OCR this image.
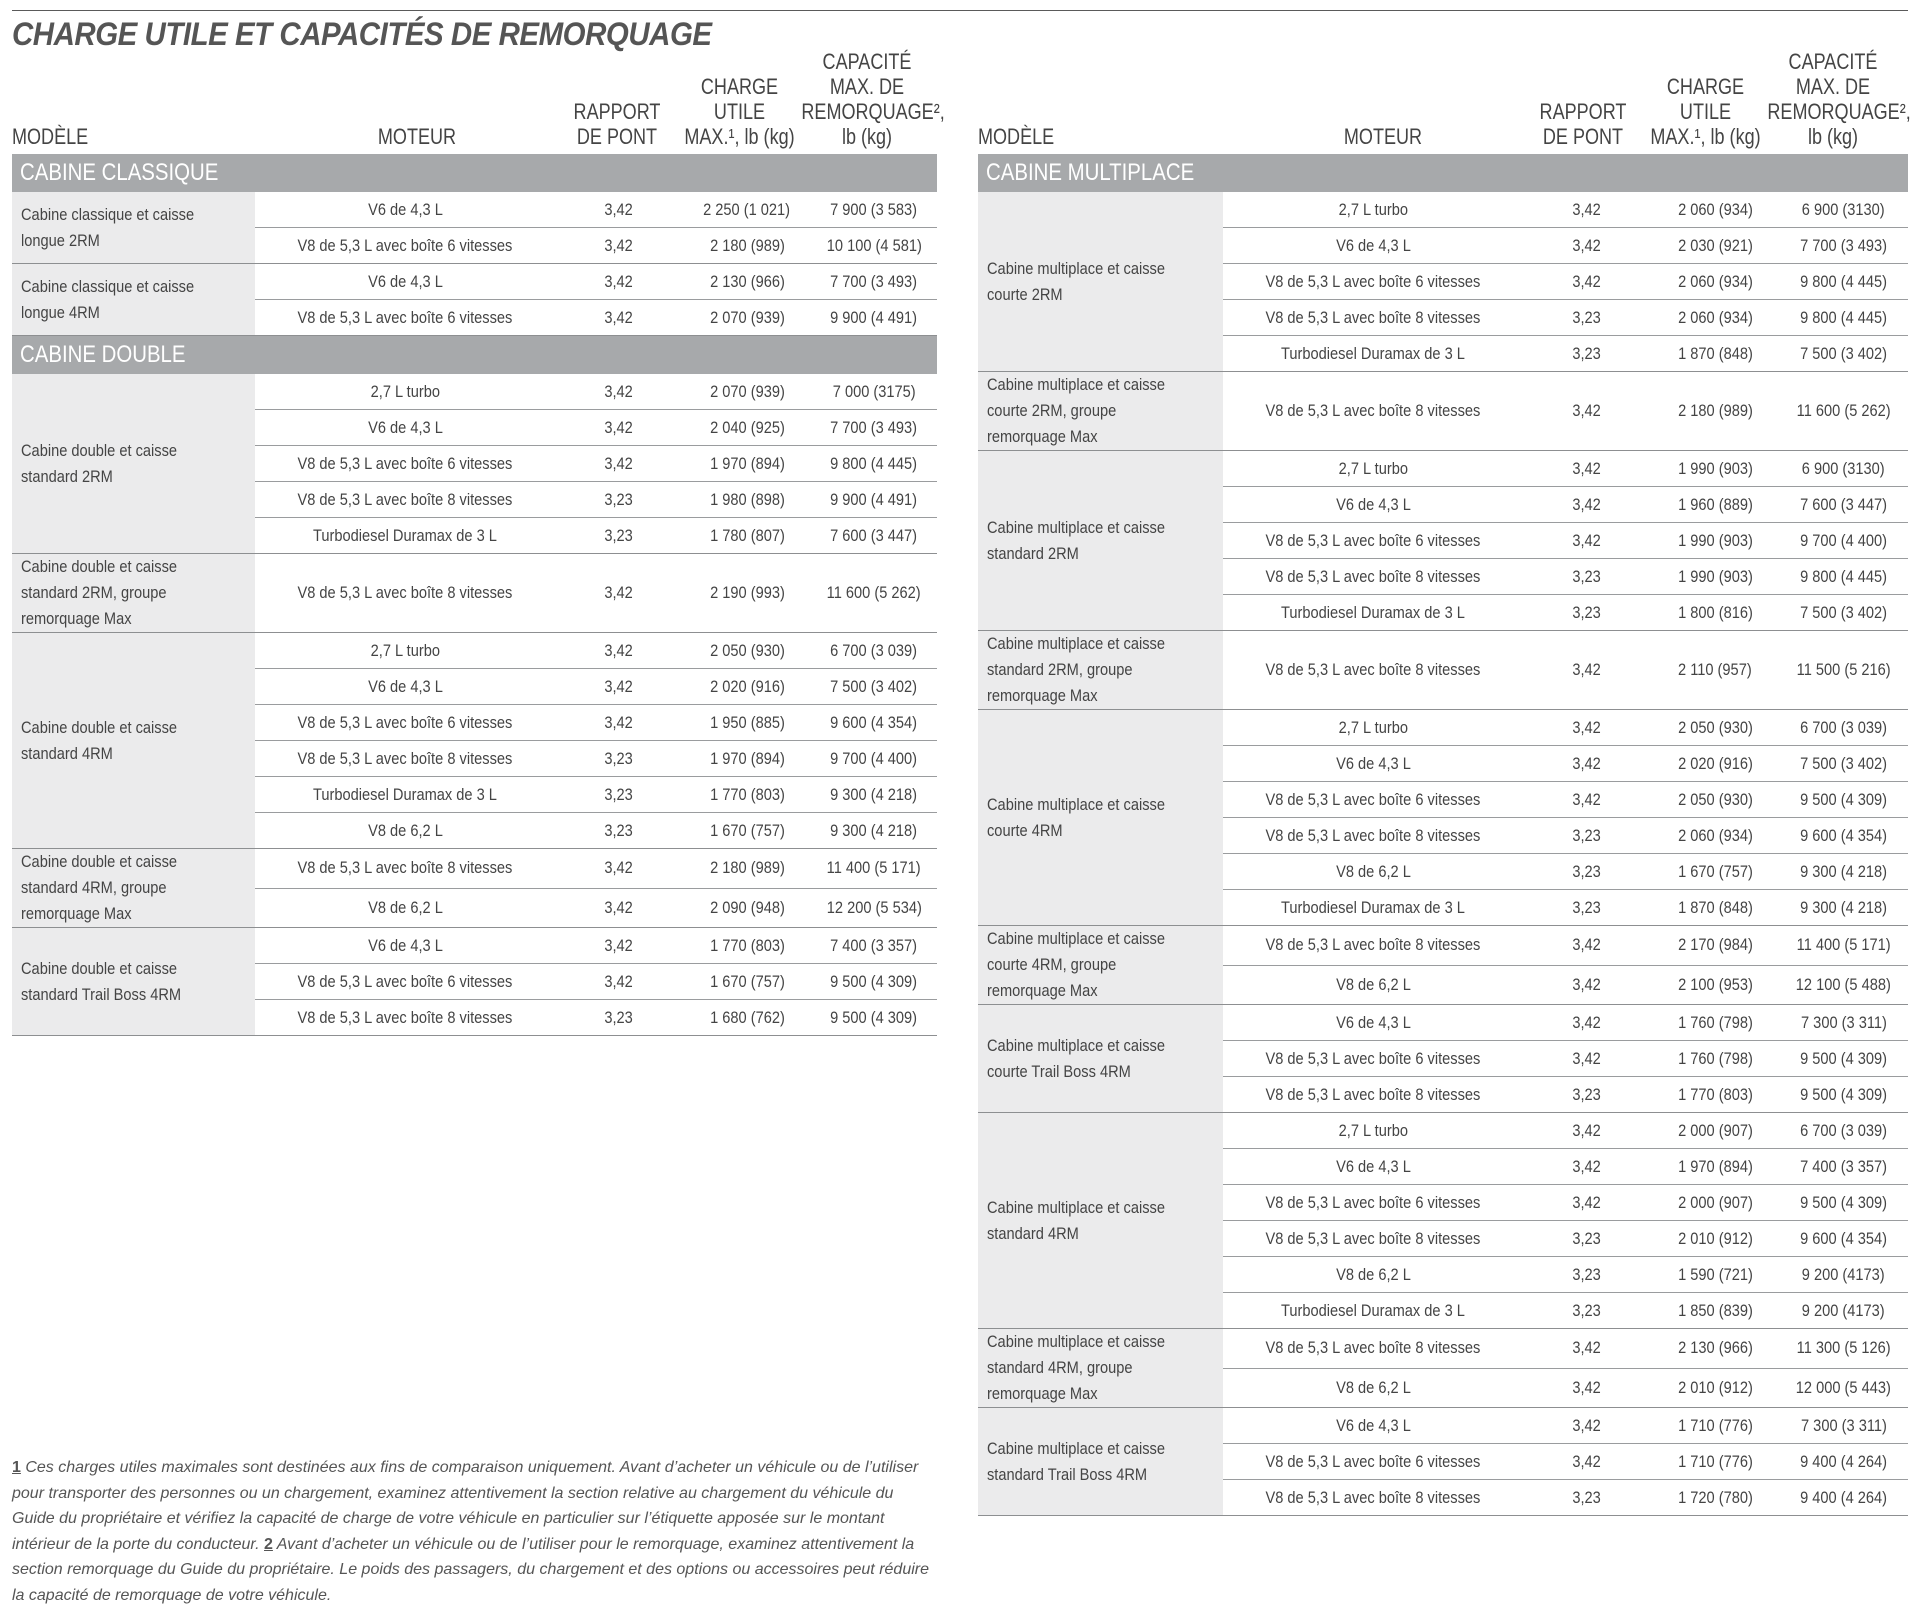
CHARGE UTILE ET CAPACITÉS DE REMORQUAGE
MODÈLE	MOTEUR
RAPPORT
DE PONT
CHARGE
UTILE
MAX.¹, lb (kg)
CAPACITÉ
MAX. DE
REMORQUAGE²,
lb (kg)
CABINE CLASSIQUE				
Cabine classique et caisse longue 2RM	V6 de 4,3 L	3,42	2 250 (1 021)	7 900 (3 583)
	V8 de 5,3 L avec boîte 6 vitesses	3,42	2 180 (989)	10 100 (4 581)
Cabine classique et caisse longue 4RM	V6 de 4,3 L	3,42	2 130 (966)	7 700 (3 493)
	V8 de 5,3 L avec boîte 6 vitesses	3,42	2 070 (939)	9 900 (4 491)
CABINE DOUBLE				
Cabine double et caisse standard 2RM	2,7 L turbo	3,42	2 070 (939)	7 000 (3175)
	V6 de 4,3 L	3,42	2 040 (925)	7 700 (3 493)
	V8 de 5,3 L avec boîte 6 vitesses	3,42	1 970 (894)	9 800 (4 445)
	V8 de 5,3 L avec boîte 8 vitesses	3,23	1 980 (898)	9 900 (4 491)
	Turbodiesel Duramax de 3 L	3,23	1 780 (807)	7 600 (3 447)
Cabine double et caisse standard 2RM, groupe remorquage Max	V8 de 5,3 L avec boîte 8 vitesses	3,42	2 190 (993)	11 600 (5 262)
Cabine double et caisse standard 4RM	2,7 L turbo	3,42	2 050 (930)	6 700 (3 039)
	V6 de 4,3 L	3,42	2 020 (916)	7 500 (3 402)
	V8 de 5,3 L avec boîte 6 vitesses	3,42	1 950 (885)	9 600 (4 354)
	V8 de 5,3 L avec boîte 8 vitesses	3,23	1 970 (894)	9 700 (4 400)
	Turbodiesel Duramax de 3 L	3,23	1 770 (803)	9 300 (4 218)
	V8 de 6,2 L	3,23	1 670 (757)	9 300 (4 218)
Cabine double et caisse standard 4RM, groupe remorquage Max	V8 de 5,3 L avec boîte 8 vitesses	3,42	2 180 (989)	11 400 (5 171)
	V8 de 6,2 L	3,42	2 090 (948)	12 200 (5 534)
Cabine double et caisse standard Trail Boss 4RM	V6 de 4,3 L	3,42	1 770 (803)	7 400 (3 357)
	V8 de 5,3 L avec boîte 6 vitesses	3,42	1 670 (757)	9 500 (4 309)
	V8 de 5,3 L avec boîte 8 vitesses	3,23	1 680 (762)	9 500 (4 309)
MODÈLE	MOTEUR
RAPPORT
DE PONT
CHARGE
UTILE
MAX.¹, lb (kg)
CAPACITÉ
MAX. DE
REMORQUAGE²,
lb (kg)
CABINE MULTIPLACE				
Cabine multiplace et caisse courte 2RM	2,7 L turbo	3,42	2 060 (934)	6 900 (3130)
	V6 de 4,3 L	3,42	2 030 (921)	7 700 (3 493)
	V8 de 5,3 L avec boîte 6 vitesses	3,42	2 060 (934)	9 800 (4 445)
	V8 de 5,3 L avec boîte 8 vitesses	3,23	2 060 (934)	9 800 (4 445)
	Turbodiesel Duramax de 3 L	3,23	1 870 (848)	7 500 (3 402)
Cabine multiplace et caisse courte 2RM, groupe remorquage Max	V8 de 5,3 L avec boîte 8 vitesses	3,42	2 180 (989)	11 600 (5 262)
Cabine multiplace et caisse standard 2RM	2,7 L turbo	3,42	1 990 (903)	6 900 (3130)
	V6 de 4,3 L	3,42	1 960 (889)	7 600 (3 447)
	V8 de 5,3 L avec boîte 6 vitesses	3,42	1 990 (903)	9 700 (4 400)
	V8 de 5,3 L avec boîte 8 vitesses	3,23	1 990 (903)	9 800 (4 445)
	Turbodiesel Duramax de 3 L	3,23	1 800 (816)	7 500 (3 402)
Cabine multiplace et caisse standard 2RM, groupe remorquage Max	V8 de 5,3 L avec boîte 8 vitesses	3,42	2 110 (957)	11 500 (5 216)
Cabine multiplace et caisse courte 4RM	2,7 L turbo	3,42	2 050 (930)	6 700 (3 039)
	V6 de 4,3 L	3,42	2 020 (916)	7 500 (3 402)
	V8 de 5,3 L avec boîte 6 vitesses	3,42	2 050 (930)	9 500 (4 309)
	V8 de 5,3 L avec boîte 8 vitesses	3,23	2 060 (934)	9 600 (4 354)
	V8 de 6,2 L	3,23	1 670 (757)	9 300 (4 218)
	Turbodiesel Duramax de 3 L	3,23	1 870 (848)	9 300 (4 218)
Cabine multiplace et caisse courte 4RM, groupe remorquage Max	V8 de 5,3 L avec boîte 8 vitesses	3,42	2 170 (984)	11 400 (5 171)
	V8 de 6,2 L	3,42	2 100 (953)	12 100 (5 488)
Cabine multiplace et caisse courte Trail Boss 4RM	V6 de 4,3 L	3,42	1 760 (798)	7 300 (3 311)
	V8 de 5,3 L avec boîte 6 vitesses	3,42	1 760 (798)	9 500 (4 309)
	V8 de 5,3 L avec boîte 8 vitesses	3,23	1 770 (803)	9 500 (4 309)
Cabine multiplace et caisse standard 4RM	2,7 L turbo	3,42	2 000 (907)	6 700 (3 039)
	V6 de 4,3 L	3,42	1 970 (894)	7 400 (3 357)
	V8 de 5,3 L avec boîte 6 vitesses	3,42	2 000 (907)	9 500 (4 309)
	V8 de 5,3 L avec boîte 8 vitesses	3,23	2 010 (912)	9 600 (4 354)
	V8 de 6,2 L	3,23	1 590 (721)	9 200 (4173)
	Turbodiesel Duramax de 3 L	3,23	1 850 (839)	9 200 (4173)
Cabine multiplace et caisse standard 4RM, groupe remorquage Max	V8 de 5,3 L avec boîte 8 vitesses	3,42	2 130 (966)	11 300 (5 126)
	V8 de 6,2 L	3,42	2 010 (912)	12 000 (5 443)
Cabine multiplace et caisse standard Trail Boss 4RM	V6 de 4,3 L	3,42	1 710 (776)	7 300 (3 311)
	V8 de 5,3 L avec boîte 6 vitesses	3,42	1 710 (776)	9 400 (4 264)
	V8 de 5,3 L avec boîte 8 vitesses	3,23	1 720 (780)	9 400 (4 264)
1 Ces charges utiles maximales sont destinées aux fins de comparaison uniquement. Avant d’acheter un véhicule ou de l’utiliser pour transporter des personnes ou un chargement, examinez attentivement la section relative au chargement du véhicule du Guide du propriétaire et vérifiez la capacité de charge de votre véhicule en particulier sur l’étiquette apposée sur le montant intérieur de la porte du conducteur. 2 Avant d’acheter un véhicule ou de l’utiliser pour le remorquage, examinez attentivement la section remorquage du Guide du propriétaire. Le poids des passagers, du chargement et des options ou accessoires peut réduire la capacité de remorquage de votre véhicule.
